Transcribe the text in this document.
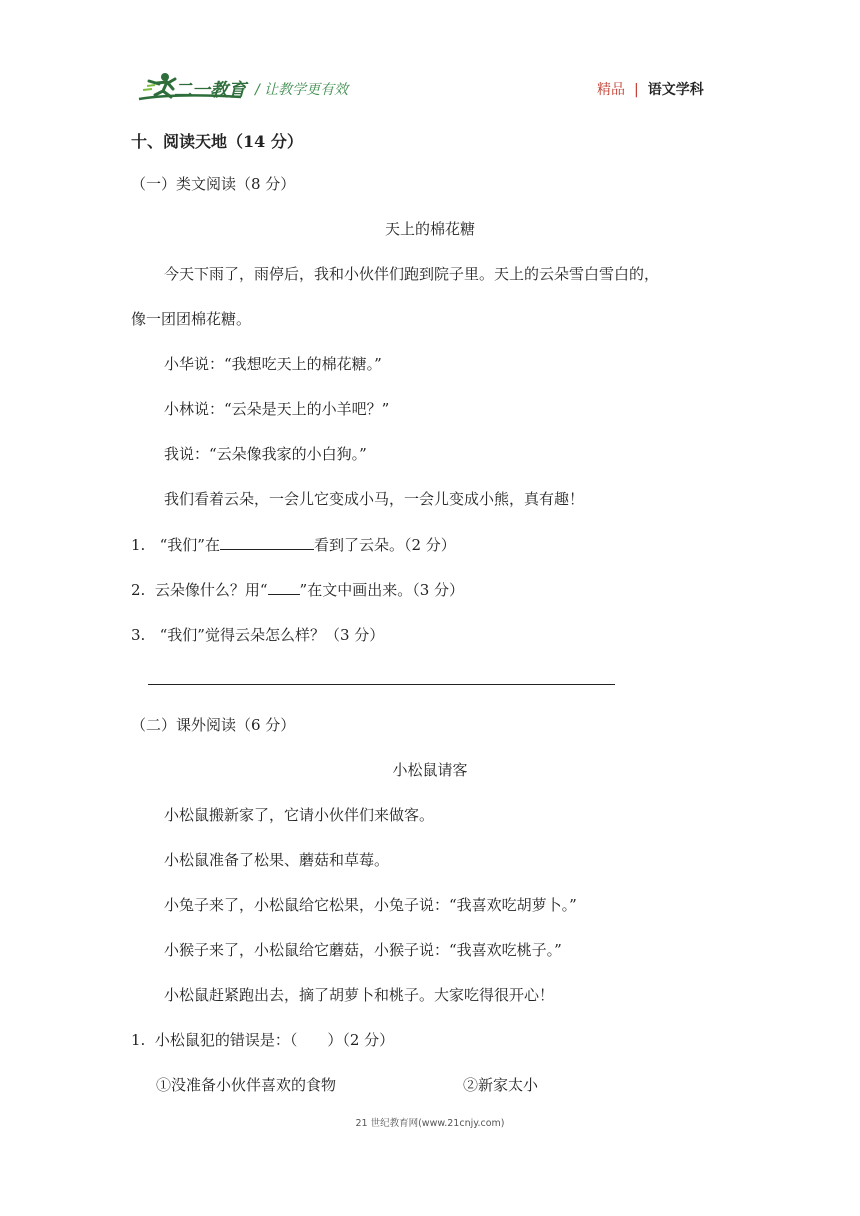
二一教育 / 让教学更有效	精品 | 语文学科
十、阅读天地（14 分）
（一）类文阅读（8 分）
天上的棉花糖
今天下雨了，雨停后，我和小伙伴们跑到院子里。天上的云朵雪白雪白的，
像一团团棉花糖。
小华说：“我想吃天上的棉花糖。”
小林说：“云朵是天上的小羊吧？”
我说：“云朵像我家的小白狗。”
我们看着云朵，一会儿它变成小马，一会儿变成小熊，真有趣！
1. “我们”在	看到了云朵。（2 分）
2. 云朵像什么？用“ ”在文中画出来。（3 分）
3. “我们”觉得云朵怎么样？（3 分）
（二）课外阅读（6 分）
小松鼠请客
小松鼠搬新家了，它请小伙伴们来做客。
小松鼠准备了松果、蘑菇和草莓。
小兔子来了，小松鼠给它松果，小兔子说：“我喜欢吃胡萝卜。”
小猴子来了，小松鼠给它蘑菇，小猴子说：“我喜欢吃桃子。”
小松鼠赶紧跑出去，摘了胡萝卜和桃子。大家吃得很开心！
1. 小松鼠犯的错误是：（　　）（2 分）
①没准备小伙伴喜欢的食物	②新家太小
21 世纪教育网(www.21cnjy.com)
